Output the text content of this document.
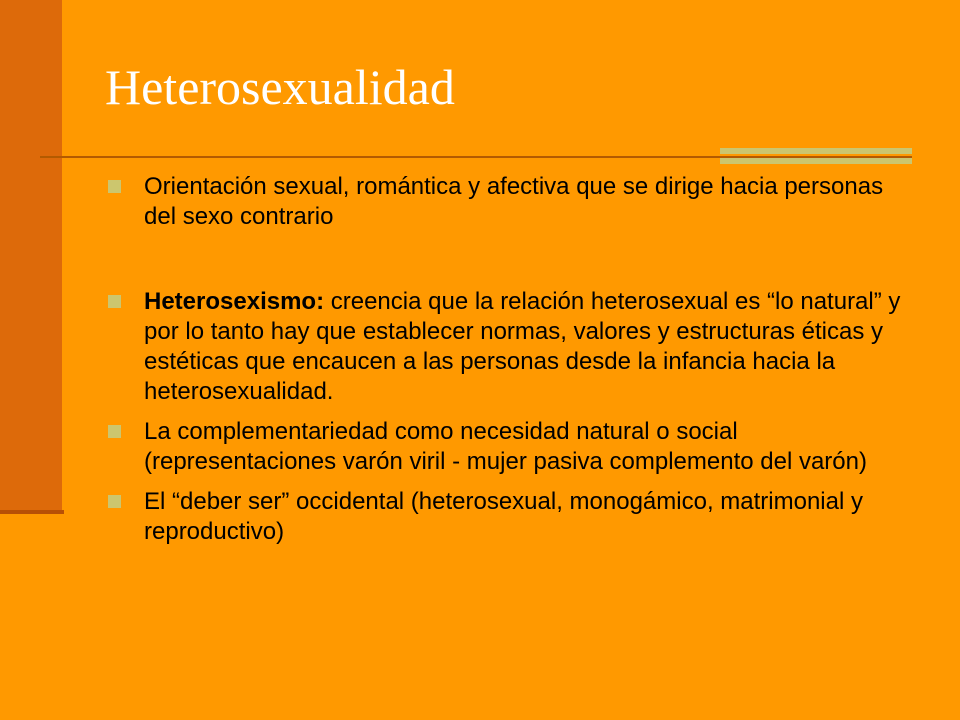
Heterosexualidad
Orientación sexual, romántica y afectiva que se dirige hacia personas del sexo contrario
Heterosexismo: creencia que la relación heterosexual es “lo natural” y por lo tanto hay que establecer normas, valores y estructuras éticas y estéticas que encaucen a las personas desde la infancia hacia la heterosexualidad.
La complementariedad como necesidad natural o social (representaciones varón viril - mujer pasiva complemento del varón)
El “deber ser” occidental (heterosexual, monogámico, matrimonial y reproductivo)
